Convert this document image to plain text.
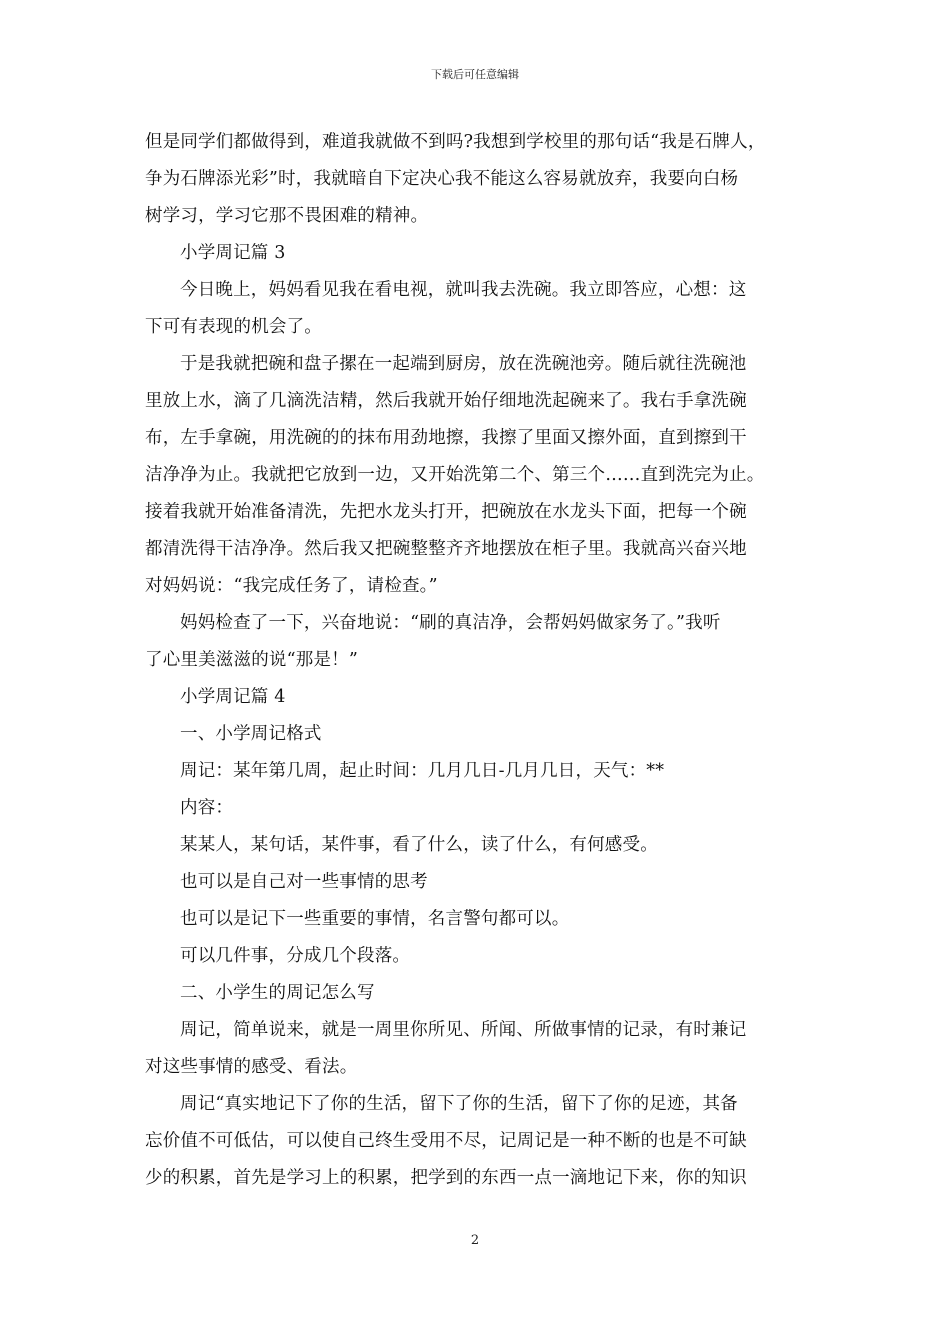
下载后可任意编辑
但是同学们都做得到，难道我就做不到吗?我想到学校里的那句话“我是石牌人，
争为石牌添光彩”时，我就暗自下定决心我不能这么容易就放弃，我要向白杨
树学习，学习它那不畏困难的精神。
小学周记篇 3
今日晚上，妈妈看见我在看电视，就叫我去洗碗。我立即答应，心想：这
下可有表现的机会了。
于是我就把碗和盘子摞在一起端到厨房，放在洗碗池旁。随后就往洗碗池
里放上水，滴了几滴洗洁精，然后我就开始仔细地洗起碗来了。我右手拿洗碗
布，左手拿碗，用洗碗的的抹布用劲地擦，我擦了里面又擦外面，直到擦到干
洁净净为止。我就把它放到一边，又开始洗第二个、第三个……直到洗完为止。
接着我就开始准备清洗，先把水龙头打开，把碗放在水龙头下面，把每一个碗
都清洗得干洁净净。然后我又把碗整整齐齐地摆放在柜子里。我就高兴奋兴地
对妈妈说：“我完成任务了，请检查。”
妈妈检查了一下，兴奋地说：“刷的真洁净，会帮妈妈做家务了。”我听
了心里美滋滋的说“那是！”
小学周记篇 4
一、小学周记格式
周记：某年第几周，起止时间：几月几日-几月几日，天气：**
内容：
某某人，某句话，某件事，看了什么，读了什么，有何感受。
也可以是自己对一些事情的思考
也可以是记下一些重要的事情，名言警句都可以。
可以几件事，分成几个段落。
二、小学生的周记怎么写
周记，简单说来，就是一周里你所见、所闻、所做事情的记录，有时兼记
对这些事情的感受、看法。
周记“真实地记下了你的生活，留下了你的生活，留下了你的足迹，其备
忘价值不可低估，可以使自己终生受用不尽，记周记是一种不断的也是不可缺
少的积累，首先是学习上的积累，把学到的东西一点一滴地记下来，你的知识
2
